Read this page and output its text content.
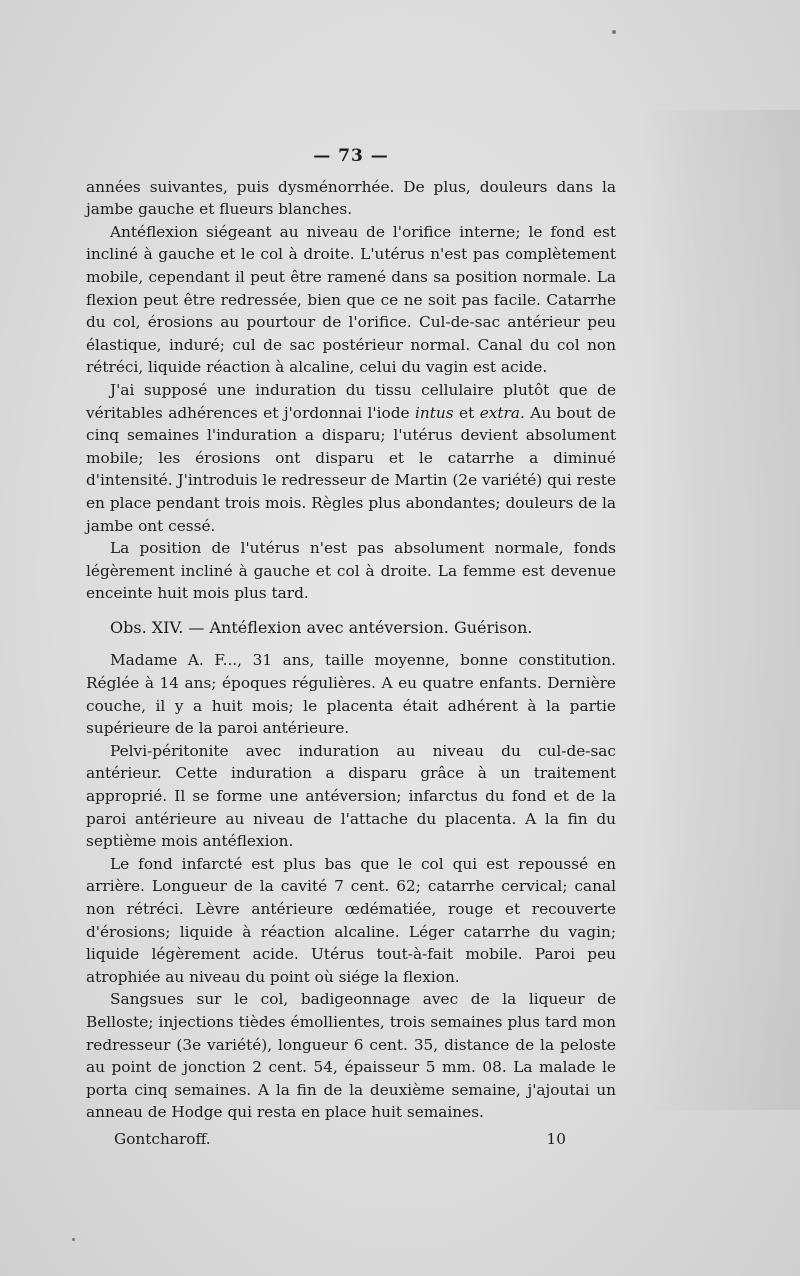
— 73 —

années suivantes, puis dysménorrhée. De plus, douleurs dans la jambe gauche et flueurs blanches.

Antéflexion siégeant au niveau de l'orifice interne; le fond est incliné à gauche et le col à droite. L'utérus n'est pas complètement mobile, cependant il peut être ramené dans sa position normale. La flexion peut être redressée, bien que ce ne soit pas facile. Catarrhe du col, érosions au pourtour de l'orifice. Cul-de-sac antérieur peu élastique, induré; cul de sac postérieur normal. Canal du col non rétréci, liquide réaction à alcaline, celui du vagin est acide.

J'ai supposé une induration du tissu cellulaire plutôt que de véritables adhérences et j'ordonnai l'iode intus et extra. Au bout de cinq semaines l'induration a disparu; l'utérus devient absolument mobile; les érosions ont disparu et le catarrhe a diminué d'intensité. J'introduis le redresseur de Martin (2e variété) qui reste en place pendant trois mois. Règles plus abondantes; douleurs de la jambe ont cessé.

La position de l'utérus n'est pas absolument normale, fonds légèrement incliné à gauche et col à droite. La femme est devenue enceinte huit mois plus tard.

Obs. XIV. — Antéflexion avec antéversion. Guérison.

Madame A. F..., 31 ans, taille moyenne, bonne constitution. Réglée à 14 ans; époques régulières. A eu quatre enfants. Dernière couche, il y a huit mois; le placenta était adhérent à la partie supérieure de la paroi antérieure.

Pelvi-péritonite avec induration au niveau du cul-de-sac antérieur. Cette induration a disparu grâce à un traitement approprié. Il se forme une antéversion; infarctus du fond et de la paroi antérieure au niveau de l'attache du placenta. A la fin du septième mois antéflexion.

Le fond infarcté est plus bas que le col qui est repoussé en arrière. Longueur de la cavité 7 cent. 62; catarrhe cervical; canal non rétréci. Lèvre antérieure œdématiée, rouge et recouverte d'érosions; liquide à réaction alcaline. Léger catarrhe du vagin; liquide légèrement acide. Utérus tout-à-fait mobile. Paroi peu atrophiée au niveau du point où siége la flexion.

Sangsues sur le col, badigeonnage avec de la liqueur de Belloste; injections tièdes émollientes, trois semaines plus tard mon redresseur (3e variété), longueur 6 cent. 35, distance de la peloste au point de jonction 2 cent. 54, épaisseur 5 mm. 08. La malade le porta cinq semaines. A la fin de la deuxième semaine, j'ajoutai un anneau de Hodge qui resta en place huit semaines.

Gontcharoff.	10
